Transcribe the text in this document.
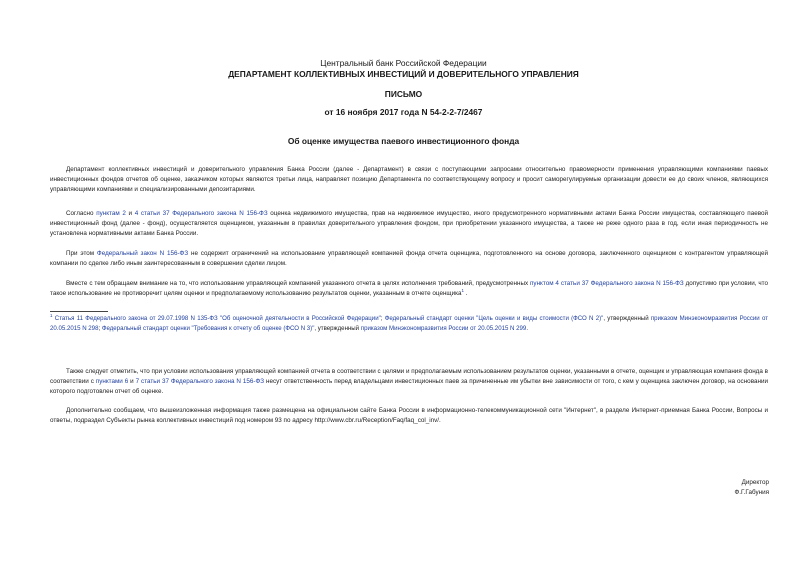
Центральный банк Российской Федерации
ДЕПАРТАМЕНТ КОЛЛЕКТИВНЫХ ИНВЕСТИЦИЙ И ДОВЕРИТЕЛЬНОГО УПРАВЛЕНИЯ
ПИСЬМО
от 16 ноября 2017 года N 54-2-2-7/2467
Об оценке имущества паевого инвестиционного фонда

Департамент коллективных инвестиций и доверительного управления Банка России (далее - Департамент) в связи с поступающими запросами относительно правомерности применения управляющими компаниями паевых инвестиционных фондов отчетов об оценке, заказчиком которых являются третьи лица, направляет позицию Департамента по соответствующему вопросу и просит саморегулируемые организации довести ее до своих членов, являющихся управляющими компаниями и специализированными депозитариями.

Согласно пунктам 2 и 4 статьи 37 Федерального закона N 156-ФЗ оценка недвижимого имущества, прав на недвижимое имущество, иного предусмотренного нормативными актами Банка России имущества, составляющего паевой инвестиционный фонд (далее - фонд), осуществляется оценщиком, указанным в правилах доверительного управления фондом, при приобретении указанного имущества, а также не реже одного раза в год, если иная периодичность не установлена нормативными актами Банка России.

При этом Федеральный закон N 156-ФЗ не содержит ограничений на использование управляющей компанией фонда отчета оценщика, подготовленного на основе договора, заключенного оценщиком с контрагентом управляющей компании по сделке либо иным заинтересованным в совершении сделки лицом.

Вместе с тем обращаем внимание на то, что использование управляющей компанией указанного отчета в целях исполнения требований, предусмотренных пунктом 4 статьи 37 Федерального закона N 156-ФЗ допустимо при условии, что такое использование не противоречит целям оценки и предполагаемому использованию результатов оценки, указанным в отчете оценщика$^1$ .

$^1$ Статья 11 Федерального закона от 29.07.1998 N 135-ФЗ "Об оценочной деятельности в Российской Федерации"; Федеральный стандарт оценки "Цель оценки и виды стоимости (ФСО N 2)", утвержденный приказом Минэкономразвития России от 20.05.2015 N 298; Федеральный стандарт оценки "Требования к отчету об оценке (ФСО N 3)", утвержденный приказом Минэкономразвития России от 20.05.2015 N 299.

Также следует отметить, что при условии использования управляющей компанией отчета в соответствии с целями и предполагаемым использованием результатов оценки, указанными в отчете, оценщик и управляющая компания фонда в соответствии с пунктами 6 и 7 статьи 37 Федерального закона N 156-ФЗ несут ответственность перед владельцами инвестиционных паев за причиненные им убытки вне зависимости от того, с кем у оценщика заключен договор, на основании которого подготовлен отчет об оценке.

Дополнительно сообщаем, что вышеизложенная информация также размещена на официальном сайте Банка России в информационно-телекоммуникационной сети "Интернет", в разделе Интернет-приемная Банка России, Вопросы и ответы, подраздел Субъекты рынка коллективных инвестиций под номером 93 по адресу http://www.cbr.ru/Reception/Faq/faq_col_inv/.

Директор
Ф.Г.Габуния
